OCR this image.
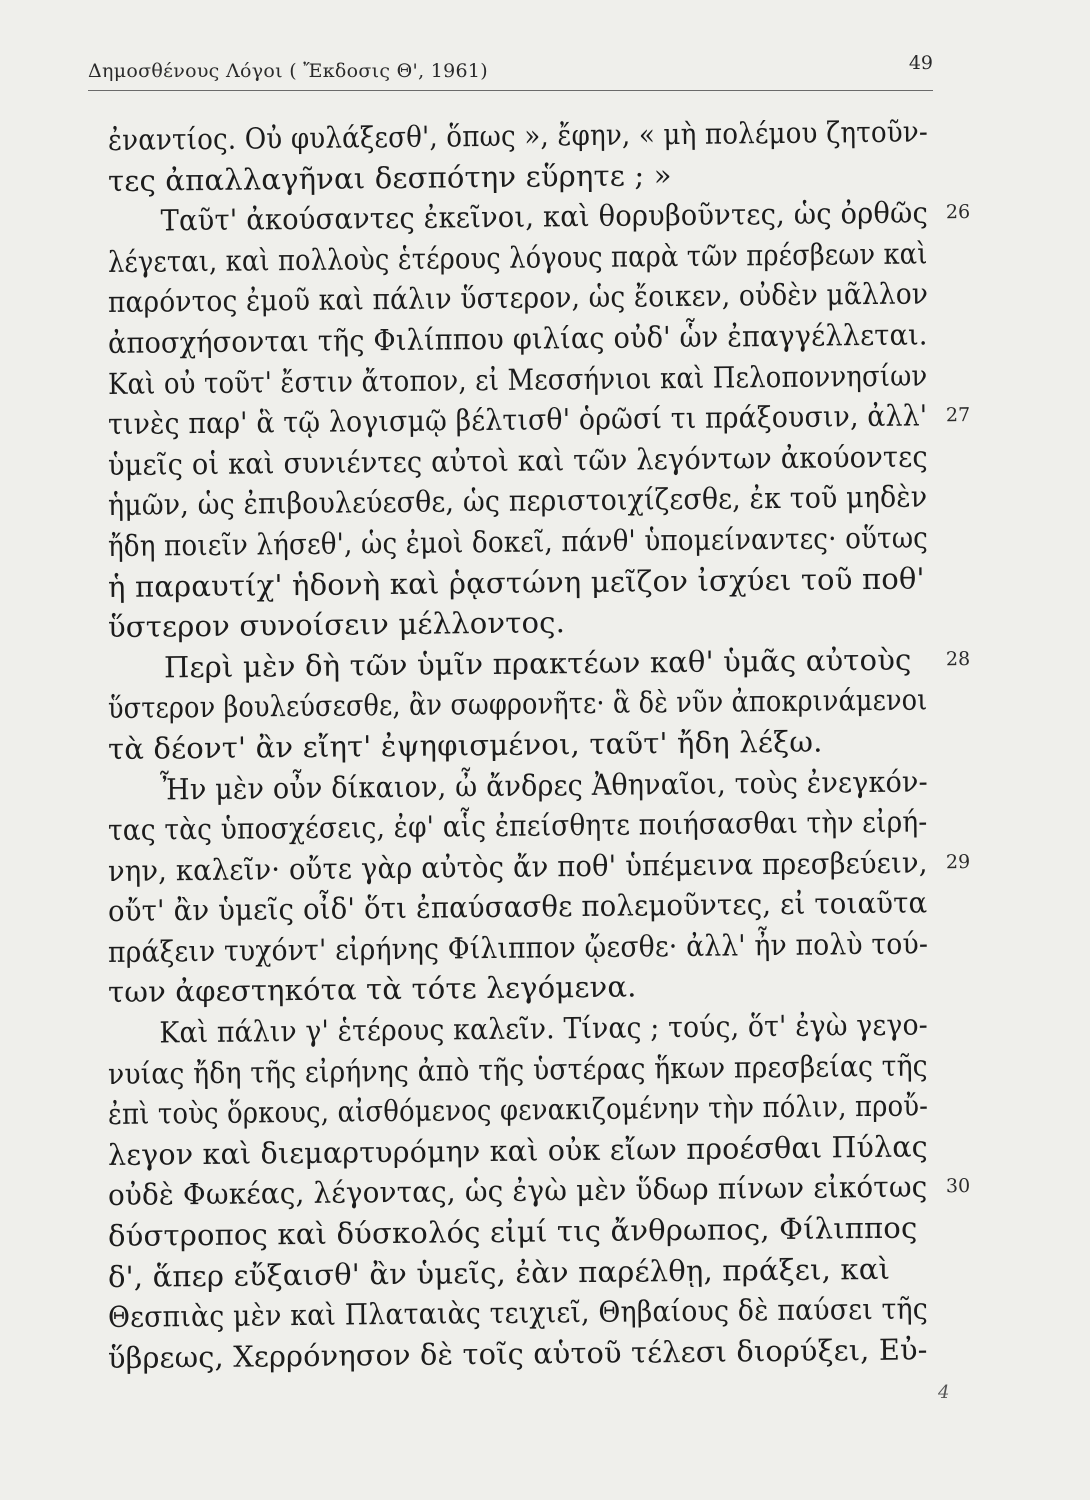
Δημοσθένους Λόγοι ( Ἔκδοσις Θ', 1961)	49
ἐναντίος. Οὐ φυλάξεσθ', ὅπως », ἔφην, « μὴ πολέμου ζητοῦν-
τες ἀπαλλαγῆναι δεσπότην εὕρητε ; »
Ταῦτ' ἀκούσαντες ἐκεῖνοι, καὶ θορυβοῦντες, ὡς ὀρθῶς 26
λέγεται, καὶ πολλοὺς ἑτέρους λόγους παρὰ τῶν πρέσβεων καὶ
παρόντος ἐμοῦ καὶ πάλιν ὕστερον, ὡς ἔοικεν, οὐδὲν μᾶλλον
ἀποσχήσονται τῆς Φιλίππου φιλίας οὐδ' ὧν ἐπαγγέλλεται.
Καὶ οὐ τοῦτ' ἔστιν ἄτοπον, εἰ Μεσσήνιοι καὶ Πελοποννησίων
τινὲς παρ' ἃ τῷ λογισμῷ βέλτισθ' ὁρῶσί τι πράξουσιν, ἀλλ' 27
ὑμεῖς οἱ καὶ συνιέντες αὐτοὶ καὶ τῶν λεγόντων ἀκούοντες
ἡμῶν, ὡς ἐπιβουλεύεσθε, ὡς περιστοιχίζεσθε, ἐκ τοῦ μηδὲν
ἤδη ποιεῖν λήσεθ', ὡς ἐμοὶ δοκεῖ, πάνθ' ὑπομείναντες· οὕτως
ἡ παραυτίχ' ἡδονὴ καὶ ῥᾳστώνη μεῖζον ἰσχύει τοῦ ποθ'
ὕστερον συνοίσειν μέλλοντος.
Περὶ μὲν δὴ τῶν ὑμῖν πρακτέων καθ' ὑμᾶς αὐτοὺς 28
ὕστερον βουλεύσεσθε, ἂν σωφρονῆτε· ἃ δὲ νῦν ἀποκρινάμενοι
τὰ δέοντ' ἂν εἴητ' ἐψηφισμένοι, ταῦτ' ἤδη λέξω.
Ἦν μὲν οὖν δίκαιον, ὦ ἄνδρες Ἀθηναῖοι, τοὺς ἐνεγκόν-
τας τὰς ὑποσχέσεις, ἐφ' αἷς ἐπείσθητε ποιήσασθαι τὴν εἰρή-
νην, καλεῖν· οὔτε γὰρ αὐτὸς ἄν ποθ' ὑπέμεινα πρεσβεύειν, 29
οὔτ' ἂν ὑμεῖς οἶδ' ὅτι ἐπαύσασθε πολεμοῦντες, εἰ τοιαῦτα
πράξειν τυχόντ' εἰρήνης Φίλιππον ᾤεσθε· ἀλλ' ἦν πολὺ τού-
των ἀφεστηκότα τὰ τότε λεγόμενα.
Καὶ πάλιν γ' ἑτέρους καλεῖν. Τίνας ; τούς, ὅτ' ἐγὼ γεγο-
νυίας ἤδη τῆς εἰρήνης ἀπὸ τῆς ὑστέρας ἥκων πρεσβείας τῆς
ἐπὶ τοὺς ὅρκους, αἰσθόμενος φενακιζομένην τὴν πόλιν, προὔ-
λεγον καὶ διεμαρτυρόμην καὶ οὐκ εἴων προέσθαι Πύλας
οὐδὲ Φωκέας, λέγοντας, ὡς ἐγὼ μὲν ὕδωρ πίνων εἰκότως 30
δύστροπος καὶ δύσκολός εἰμί τις ἄνθρωπος, Φίλιππος
δ', ἅπερ εὔξαισθ' ἂν ὑμεῖς, ἐὰν παρέλθῃ, πράξει, καὶ
Θεσπιὰς μὲν καὶ Πλαταιὰς τειχιεῖ, Θηβαίους δὲ παύσει τῆς
ὕβρεως, Χερρόνησον δὲ τοῖς αὑτοῦ τέλεσι διορύξει, Εὐ-
4
